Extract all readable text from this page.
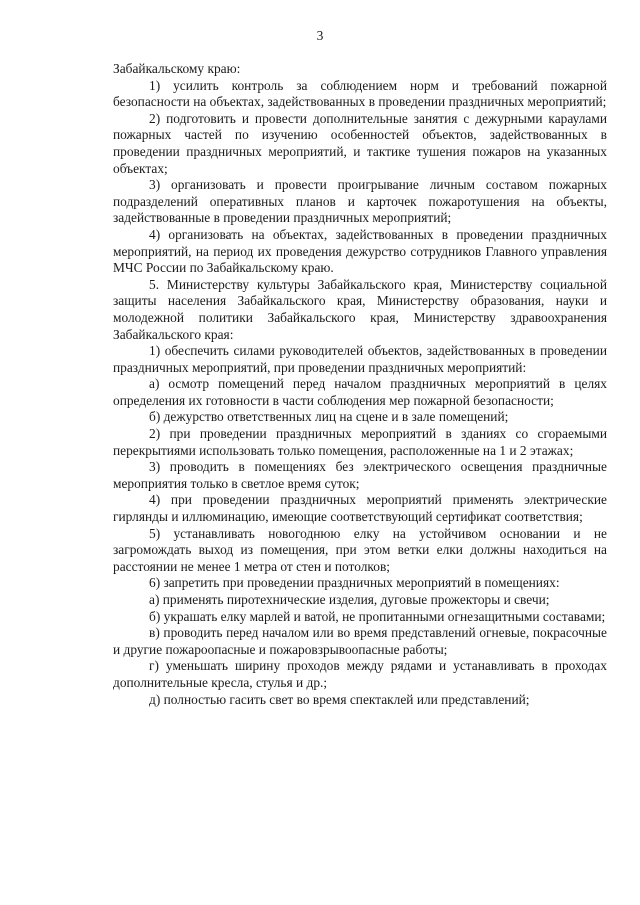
3

Забайкальскому краю:

1) усилить контроль за соблюдением норм и требований пожарной безопасности на объектах, задействованных в проведении праздничных мероприятий;

2) подготовить и провести дополнительные занятия с дежурными караулами пожарных частей по изучению особенностей объектов, задействованных в проведении праздничных мероприятий, и тактике тушения пожаров на указанных объектах;

3) организовать и провести проигрывание личным составом пожарных подразделений оперативных планов и карточек пожаротушения на объекты, задействованные в проведении праздничных мероприятий;

4) организовать на объектах, задействованных в проведении праздничных мероприятий, на период их проведения дежурство сотрудников Главного управления МЧС России по Забайкальскому краю.

5. Министерству культуры Забайкальского края, Министерству социальной защиты населения Забайкальского края, Министерству образования, науки и молодежной политики Забайкальского края, Министерству здравоохранения Забайкальского края:

1) обеспечить силами руководителей объектов, задействованных в проведении праздничных мероприятий, при проведении праздничных мероприятий:

а) осмотр помещений перед началом праздничных мероприятий в целях определения их готовности в части соблюдения мер пожарной безопасности;

б) дежурство ответственных лиц на сцене и в зале помещений;

2) при проведении праздничных мероприятий в зданиях со сгораемыми перекрытиями использовать только помещения, расположенные на 1 и 2 этажах;

3) проводить в помещениях без электрического освещения праздничные мероприятия только в светлое время суток;

4) при проведении праздничных мероприятий применять электрические гирлянды и иллюминацию, имеющие соответствующий сертификат соответствия;

5) устанавливать новогоднюю елку на устойчивом основании и не загромождать выход из помещения, при этом ветки елки должны находиться на расстоянии не менее 1 метра от стен и потолков;

6) запретить при проведении праздничных мероприятий в помещениях:

а) применять пиротехнические изделия, дуговые прожекторы и свечи;

б) украшать елку марлей и ватой, не пропитанными огнезащитными составами;

в) проводить перед началом или во время представлений огневые, покрасочные и другие пожароопасные и пожаровзрывоопасные работы;

г) уменьшать ширину проходов между рядами и устанавливать в проходах дополнительные кресла, стулья и др.;

д) полностью гасить свет во время спектаклей или представлений;
